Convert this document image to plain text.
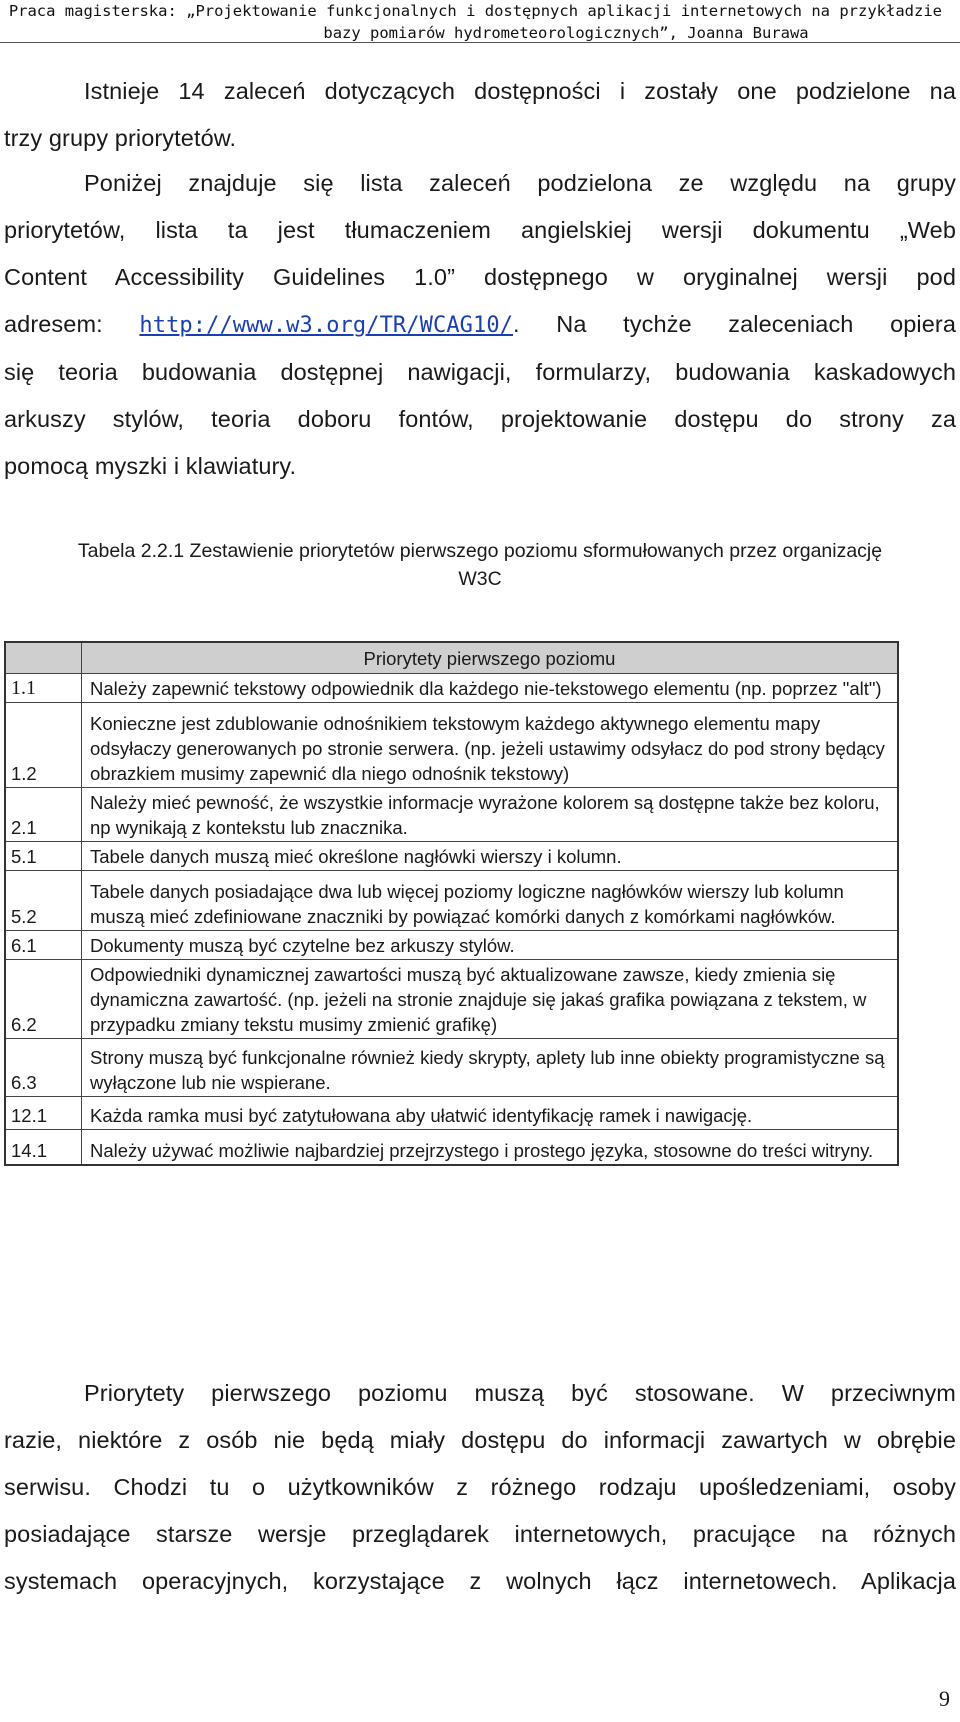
Praca magisterska: „Projektowanie funkcjonalnych i dostępnych aplikacji internetowych na przykładzie
bazy pomiarów hydrometeorologicznych”, Joanna Burawa
Istnieje 14 zaleceń dotyczących dostępności i zostały one podzielone na
trzy grupy priorytetów.
Poniżej znajduje się lista zaleceń podzielona ze względu na grupy
priorytetów, lista ta jest tłumaczeniem angielskiej wersji dokumentu „Web
Content Accessibility Guidelines 1.0” dostępnego w oryginalnej wersji pod
adresem: http://www.w3.org/TR/WCAG10/. Na tychże zaleceniach opiera
się teoria budowania dostępnej nawigacji, formularzy, budowania kaskadowych
arkuszy stylów, teoria doboru fontów, projektowanie dostępu do strony za
pomocą myszki i klawiatury.
Tabela 2.2.1 Zestawienie priorytetów pierwszego poziomu sformułowanych przez organizację
W3C
	Priorytety pierwszego poziomu
1.1	Należy zapewnić tekstowy odpowiednik dla każdego nie-tekstowego elementu (np. poprzez "alt")
1.2	Konieczne jest zdublowanie odnośnikiem tekstowym każdego aktywnego elementu mapy odsyłaczy generowanych po stronie serwera. (np. jeżeli ustawimy odsyłacz do pod strony będący obrazkiem musimy zapewnić dla niego odnośnik tekstowy)
2.1	Należy mieć pewność, że wszystkie informacje wyrażone kolorem są dostępne także bez koloru, np wynikają z kontekstu lub znacznika.
5.1	Tabele danych muszą mieć określone nagłówki wierszy i kolumn.
5.2	Tabele danych posiadające dwa lub więcej poziomy logiczne nagłówków wierszy lub kolumn muszą mieć zdefiniowane znaczniki by powiązać komórki danych z komórkami nagłówków.
6.1	Dokumenty muszą być czytelne bez arkuszy stylów.
6.2	Odpowiedniki dynamicznej zawartości muszą być aktualizowane zawsze, kiedy zmienia się dynamiczna zawartość. (np. jeżeli na stronie znajduje się jakaś grafika powiązana z tekstem, w przypadku zmiany tekstu musimy zmienić grafikę)
6.3	Strony muszą być funkcjonalne również kiedy skrypty, aplety lub inne obiekty programistyczne są wyłączone lub nie wspierane.
12.1	Każda ramka musi być zatytułowana aby ułatwić identyfikację ramek i nawigację.
14.1	Należy używać możliwie najbardziej przejrzystego i prostego języka, stosowne do treści witryny.
Priorytety pierwszego poziomu muszą być stosowane. W przeciwnym
razie, niektóre z osób nie będą miały dostępu do informacji zawartych w obrębie
serwisu. Chodzi tu o użytkowników z różnego rodzaju upośledzeniami, osoby
posiadające starsze wersje przeglądarek internetowych, pracujące na różnych
systemach operacyjnych, korzystające z wolnych łącz internetowech. Aplikacja
9
